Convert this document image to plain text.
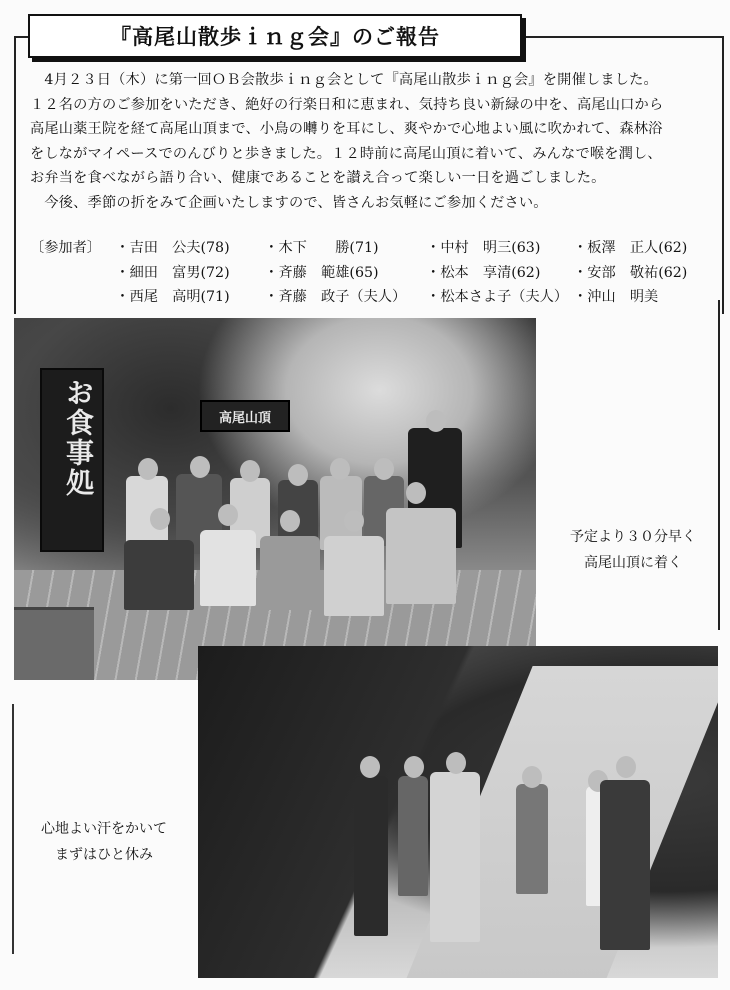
『高尾山散歩ｉｎｇ会』のご報告

　4月２３日（木）に第一回ＯＢ会散歩ｉｎｇ会として『高尾山散歩ｉｎｇ会』を開催しました。

１２名の方のご参加をいただき、絶好の行楽日和に恵まれ、気持ち良い新緑の中を、高尾山口から

高尾山薬王院を経て高尾山頂まで、小鳥の囀りを耳にし、爽やかで心地よい風に吹かれて、森林浴

をしながマイペースでのんびりと歩きました。１２時前に高尾山頂に着いて、みんなで喉を潤し、

お弁当を食べながら語り合い、健康であることを讃え合って楽しい一日を過ごしました。

　今後、季節の折をみて企画いたしますので、皆さんお気軽にご参加ください。

〔参加者〕	・吉田　公夫(78)	・木下　　勝(71)	・中村　明三(63)	・板澤　正人(62)
・細田　富男(72)	・斉藤　範雄(65)	・松本　享清(62)	・安部　敬祐(62)
・西尾　高明(71)	・斉藤　政子（夫人）	・松本さよ子（夫人） ・沖山　明美
お食事処	高尾山頂
予定より３０分早く
高尾山頂に着く
心地よい汗をかいて
まずはひと休み
